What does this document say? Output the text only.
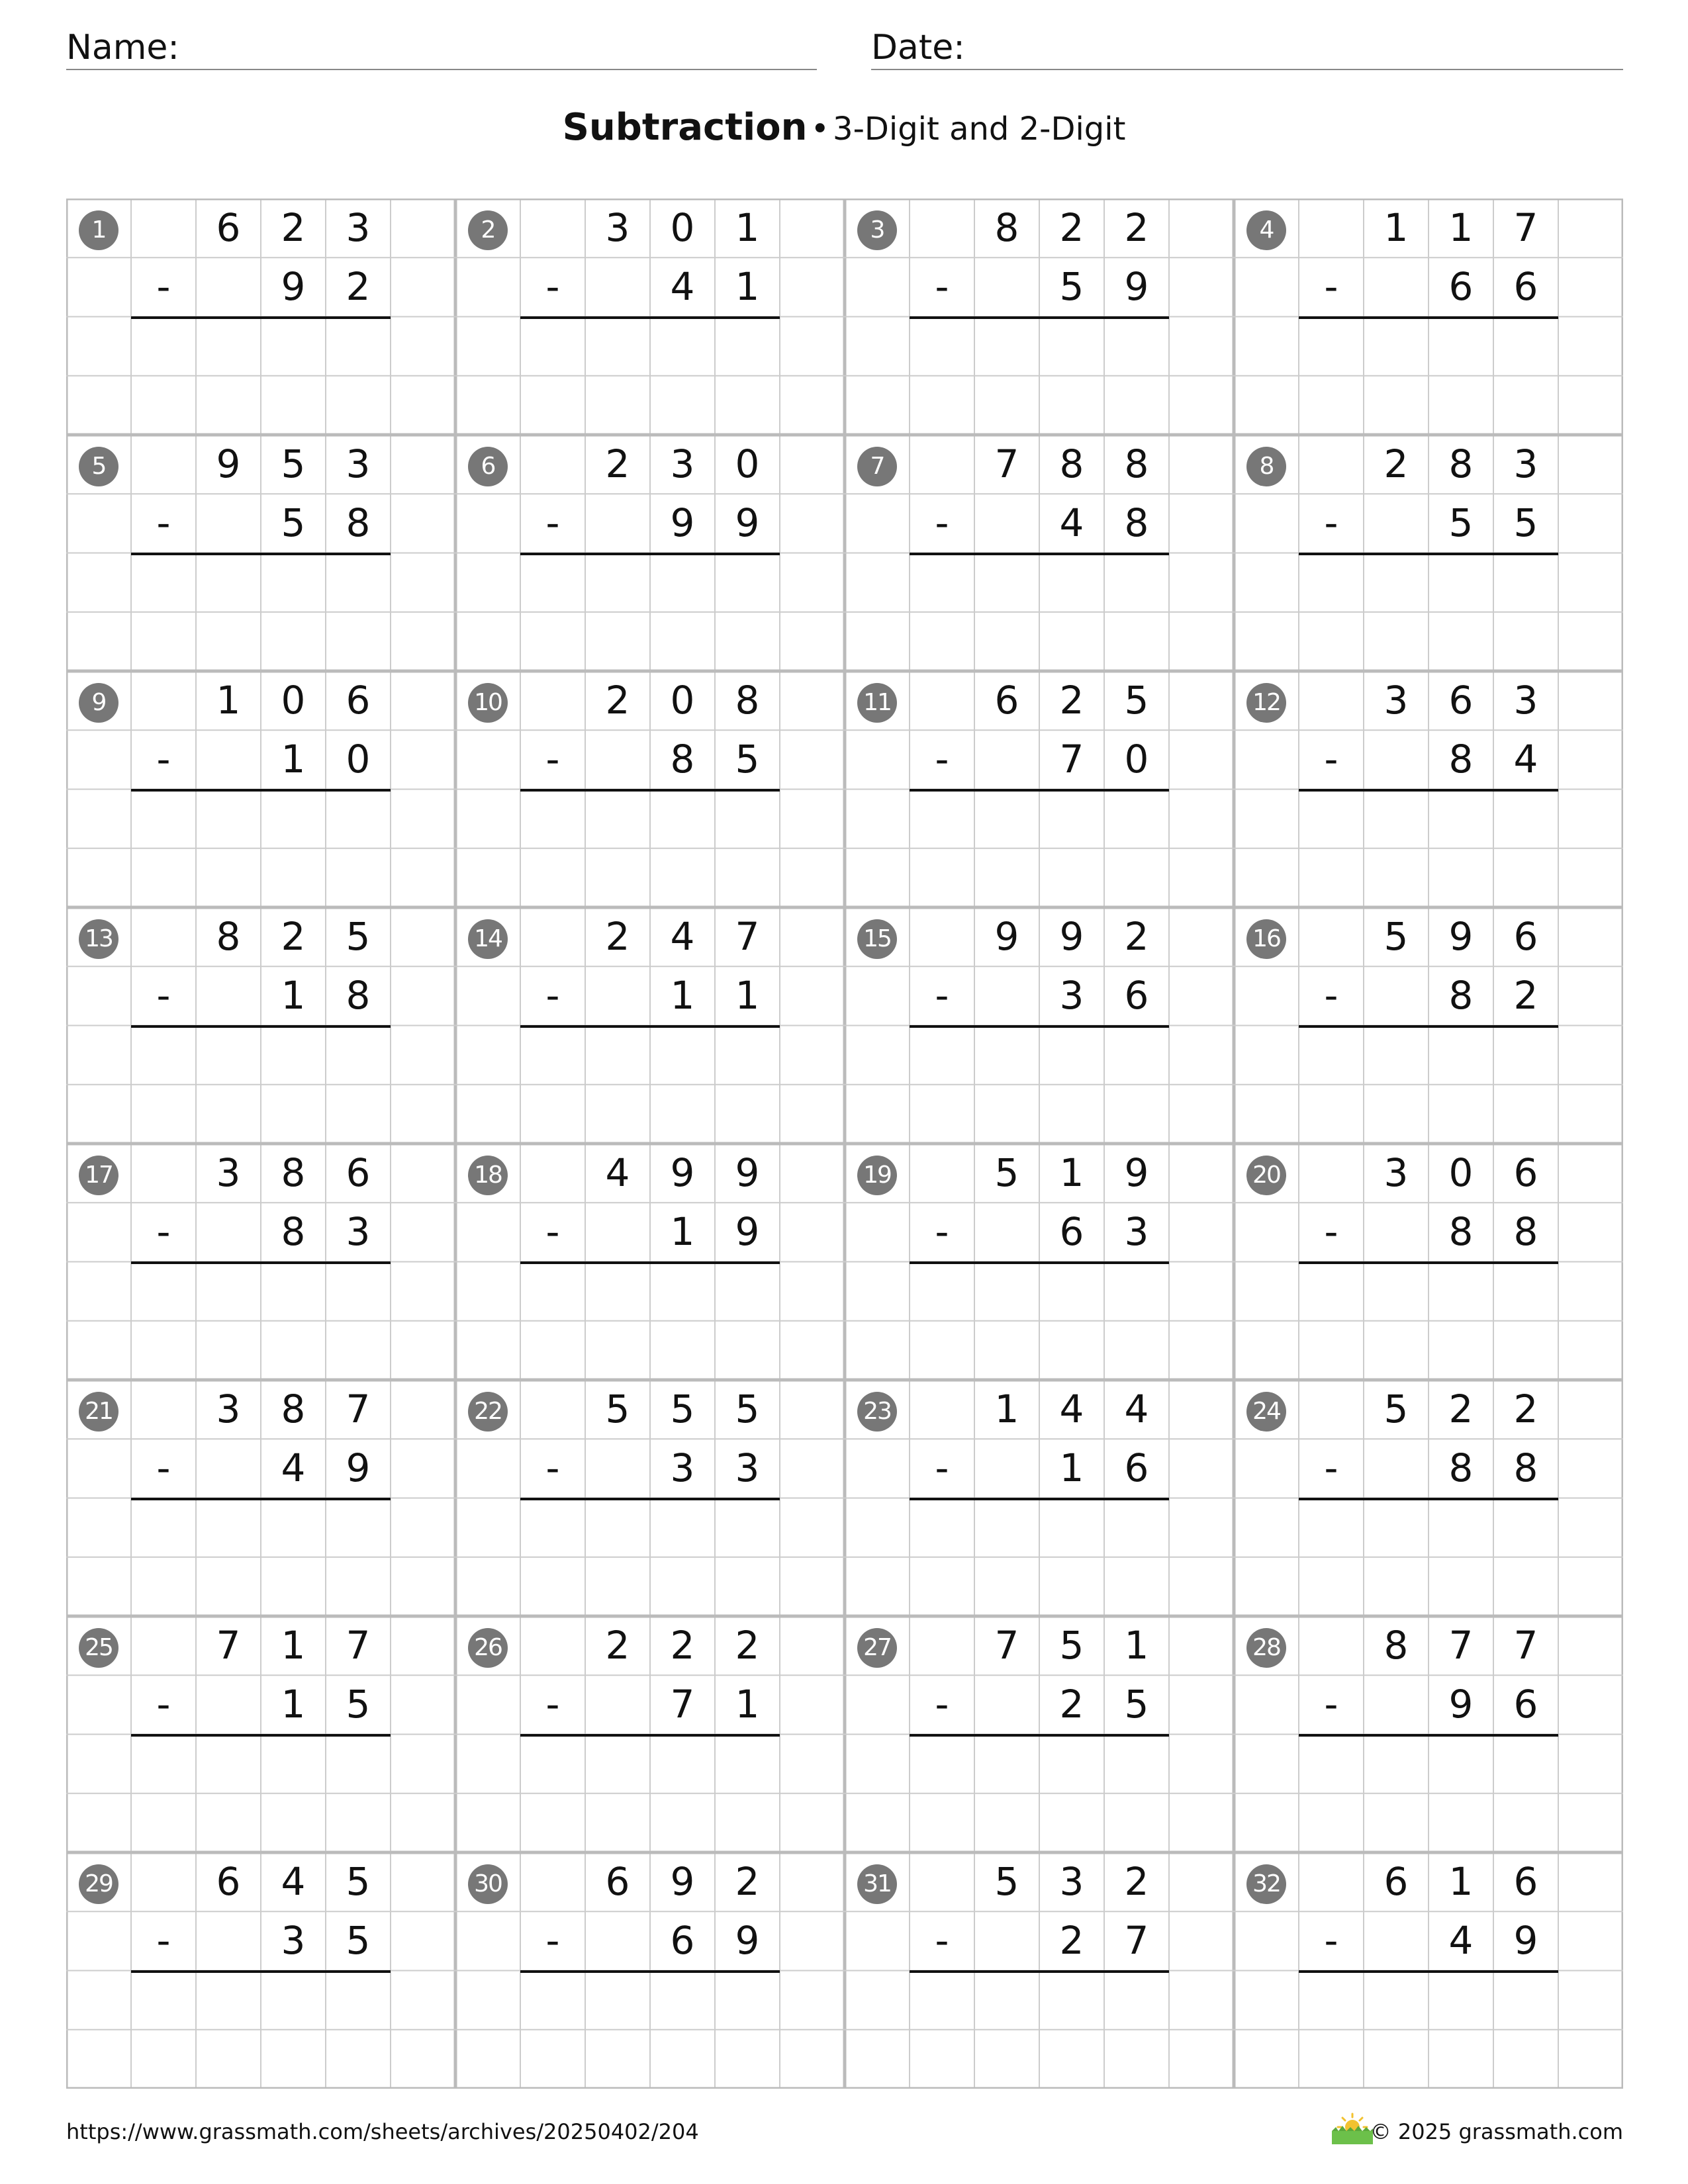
Name:	Date:
Subtraction • 3-Digit and 2-Digit
1	6	2	3
-	9	2
2	3	0	1
-	4	1
3	8	2	2
-	5	9
4	1	1	7
-	6	6
5	9	5	3
-	5	8
6	2	3	0
-	9	9
7	7	8	8
-	4	8
8	2	8	3
-	5	5
9	1	0	6
-	1	0
10	2	0	8
-	8	5
11	6	2	5
-	7	0
12	3	6	3
-	8	4
13	8	2	5
-	1	8
14	2	4	7
-	1	1
15	9	9	2
-	3	6
16	5	9	6
-	8	2
17	3	8	6
-	8	3
18	4	9	9
-	1	9
19	5	1	9
-	6	3
20	3	0	6
-	8	8
21	3	8	7
-	4	9
22	5	5	5
-	3	3
23	1	4	4
-	1	6
24	5	2	2
-	8	8
25	7	1	7
-	1	5
26	2	2	2
-	7	1
27	7	5	1
-	2	5
28	8	7	7
-	9	6
29	6	4	5
-	3	5
30	6	9	2
-	6	9
31	5	3	2
-	2	7
32	6	1	6
-	4	9
https://www.grassmath.com/sheets/archives/20250402/204	© 2025 grassmath.com
